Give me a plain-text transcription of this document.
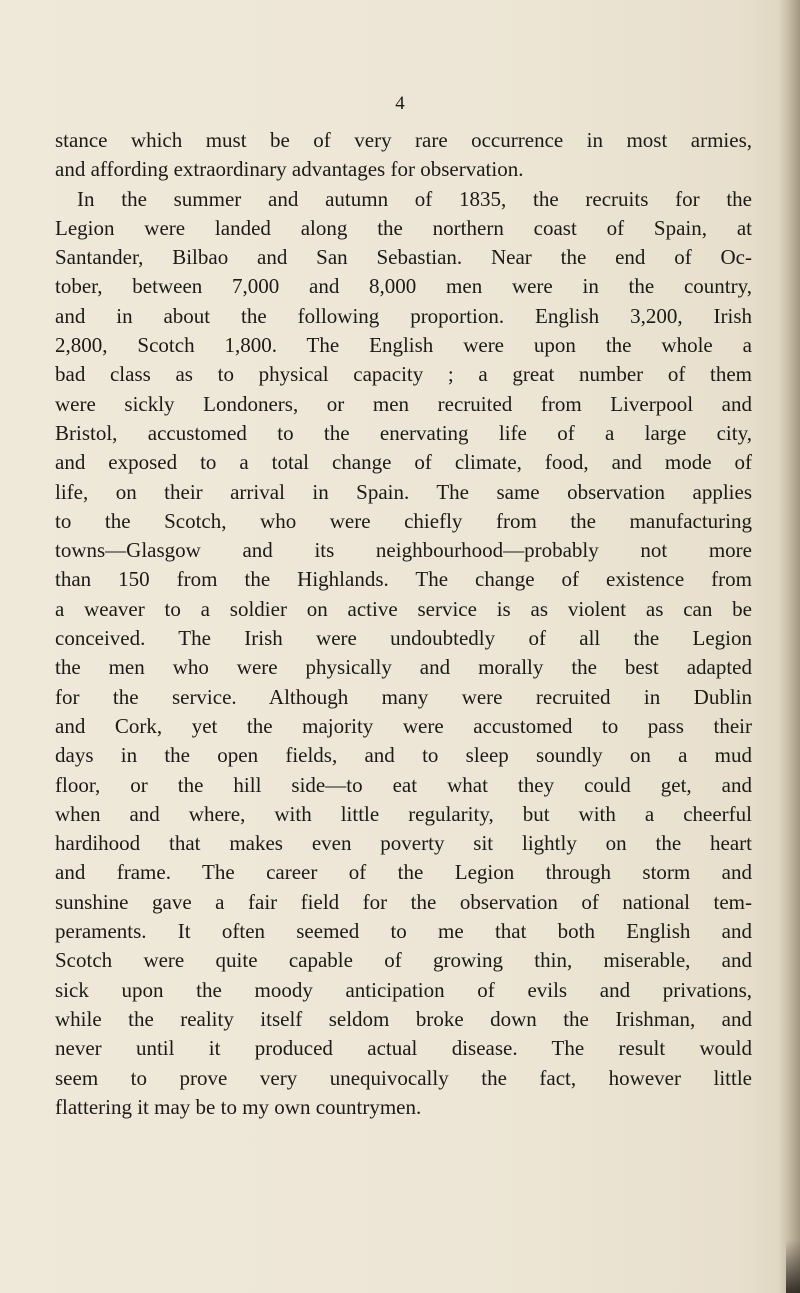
4
stance which must be of very rare occurrence in most armies,
and affording extraordinary advantages for observation.
In the summer and autumn of 1835, the recruits for the
Legion were landed along the northern coast of Spain, at
Santander, Bilbao and San Sebastian. Near the end of Oc-
tober, between 7,000 and 8,000 men were in the country,
and in about the following proportion. English 3,200, Irish
2,800, Scotch 1,800. The English were upon the whole a
bad class as to physical capacity ; a great number of them
were sickly Londoners, or men recruited from Liverpool and
Bristol, accustomed to the enervating life of a large city,
and exposed to a total change of climate, food, and mode of
life, on their arrival in Spain. The same observation applies
to the Scotch, who were chiefly from the manufacturing
towns—Glasgow and its neighbourhood—probably not more
than 150 from the Highlands. The change of existence from
a weaver to a soldier on active service is as violent as can be
conceived. The Irish were undoubtedly of all the Legion
the men who were physically and morally the best adapted
for the service. Although many were recruited in Dublin
and Cork, yet the majority were accustomed to pass their
days in the open fields, and to sleep soundly on a mud
floor, or the hill side—to eat what they could get, and
when and where, with little regularity, but with a cheerful
hardihood that makes even poverty sit lightly on the heart
and frame. The career of the Legion through storm and
sunshine gave a fair field for the observation of national tem-
peraments. It often seemed to me that both English and
Scotch were quite capable of growing thin, miserable, and
sick upon the moody anticipation of evils and privations,
while the reality itself seldom broke down the Irishman, and
never until it produced actual disease. The result would
seem to prove very unequivocally the fact, however little
flattering it may be to my own countrymen.
